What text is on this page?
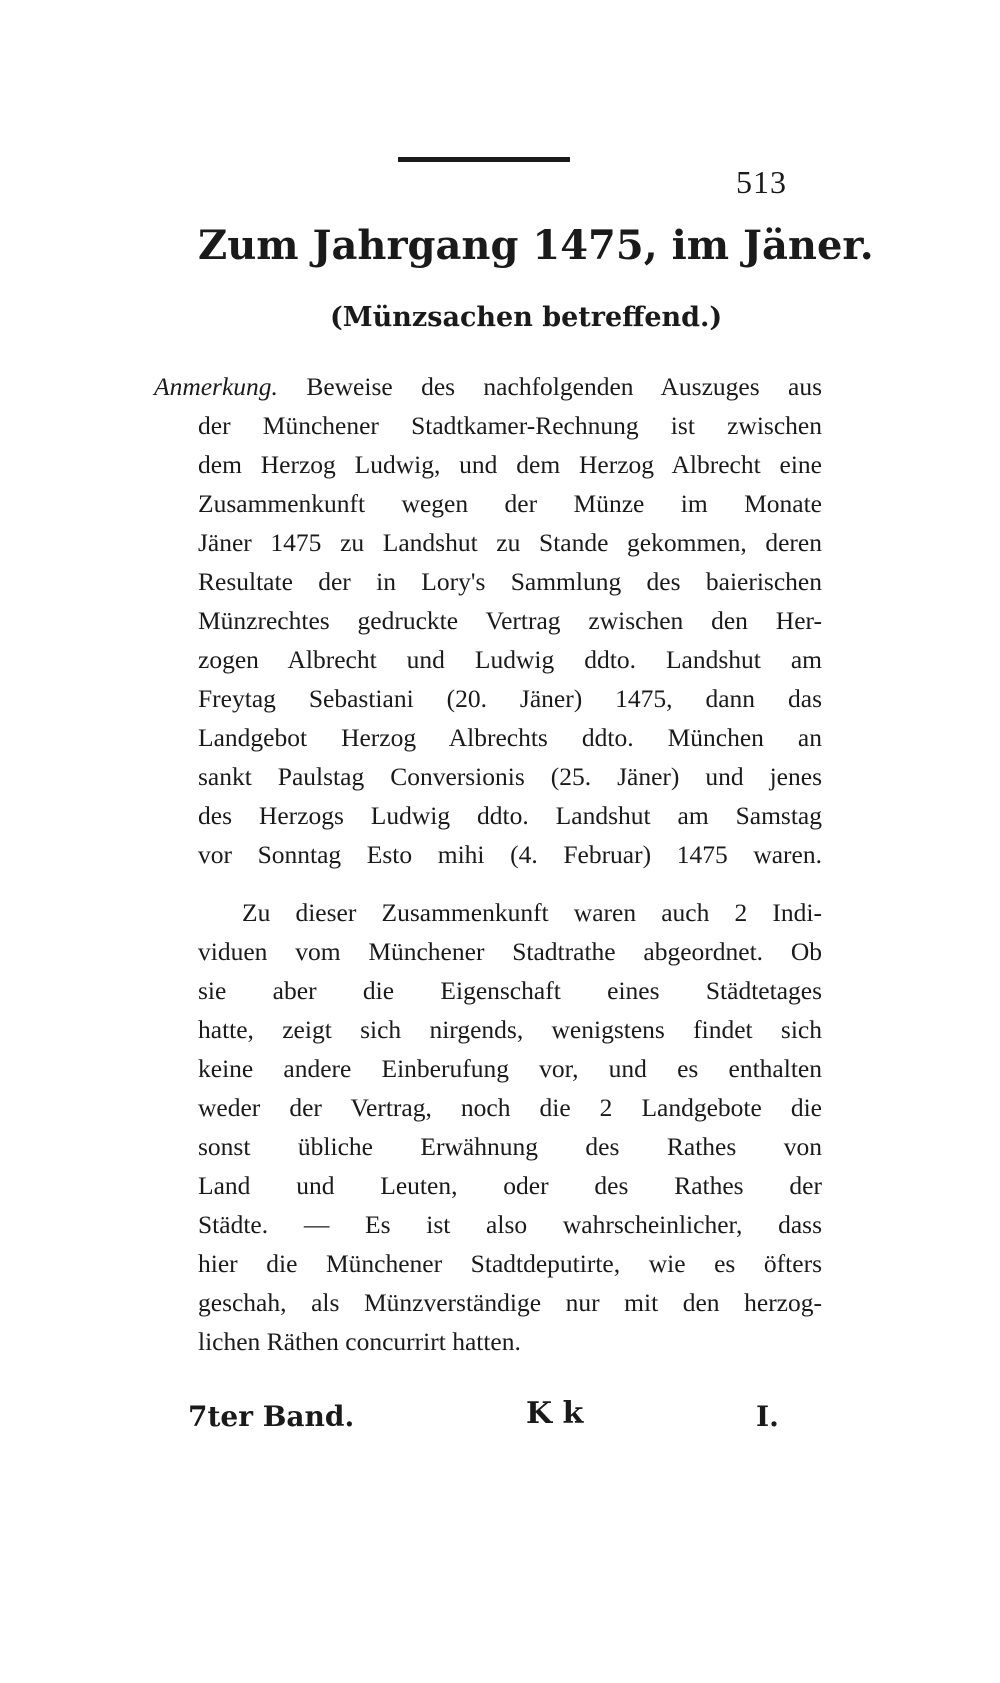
513
Zum Jahrgang 1475, im Jäner.
(Münzsachen betreffend.)
Anmerkung. Beweise des nachfolgenden Auszuges aus
der Münchener Stadtkamer-Rechnung ist zwischen
dem Herzog Ludwig, und dem Herzog Albrecht eine
Zusammenkunft wegen der Münze im Monate
Jäner 1475 zu Landshut zu Stande gekommen, deren
Resultate der in Lory's Sammlung des baierischen
Münzrechtes gedruckte Vertrag zwischen den Her-
zogen Albrecht und Ludwig ddto. Landshut am
Freytag Sebastiani (20. Jäner) 1475, dann das
Landgebot Herzog Albrechts ddto. München an
sankt Paulstag Conversionis (25. Jäner) und jenes
des Herzogs Ludwig ddto. Landshut am Samstag
vor Sonntag Esto mihi (4. Februar) 1475 waren.
Zu dieser Zusammenkunft waren auch 2 Indi-
viduen vom Münchener Stadtrathe abgeordnet. Ob
sie aber die Eigenschaft eines Städtetages
hatte, zeigt sich nirgends, wenigstens findet sich
keine andere Einberufung vor, und es enthalten
weder der Vertrag, noch die 2 Landgebote die
sonst übliche Erwähnung des Rathes von
Land und Leuten, oder des Rathes der
Städte. — Es ist also wahrscheinlicher, dass
hier die Münchener Stadtdeputirte, wie es öfters
geschah, als Münzverständige nur mit den herzog-
lichen Räthen concurrirt hatten.
7ter Band.	K k	I.
